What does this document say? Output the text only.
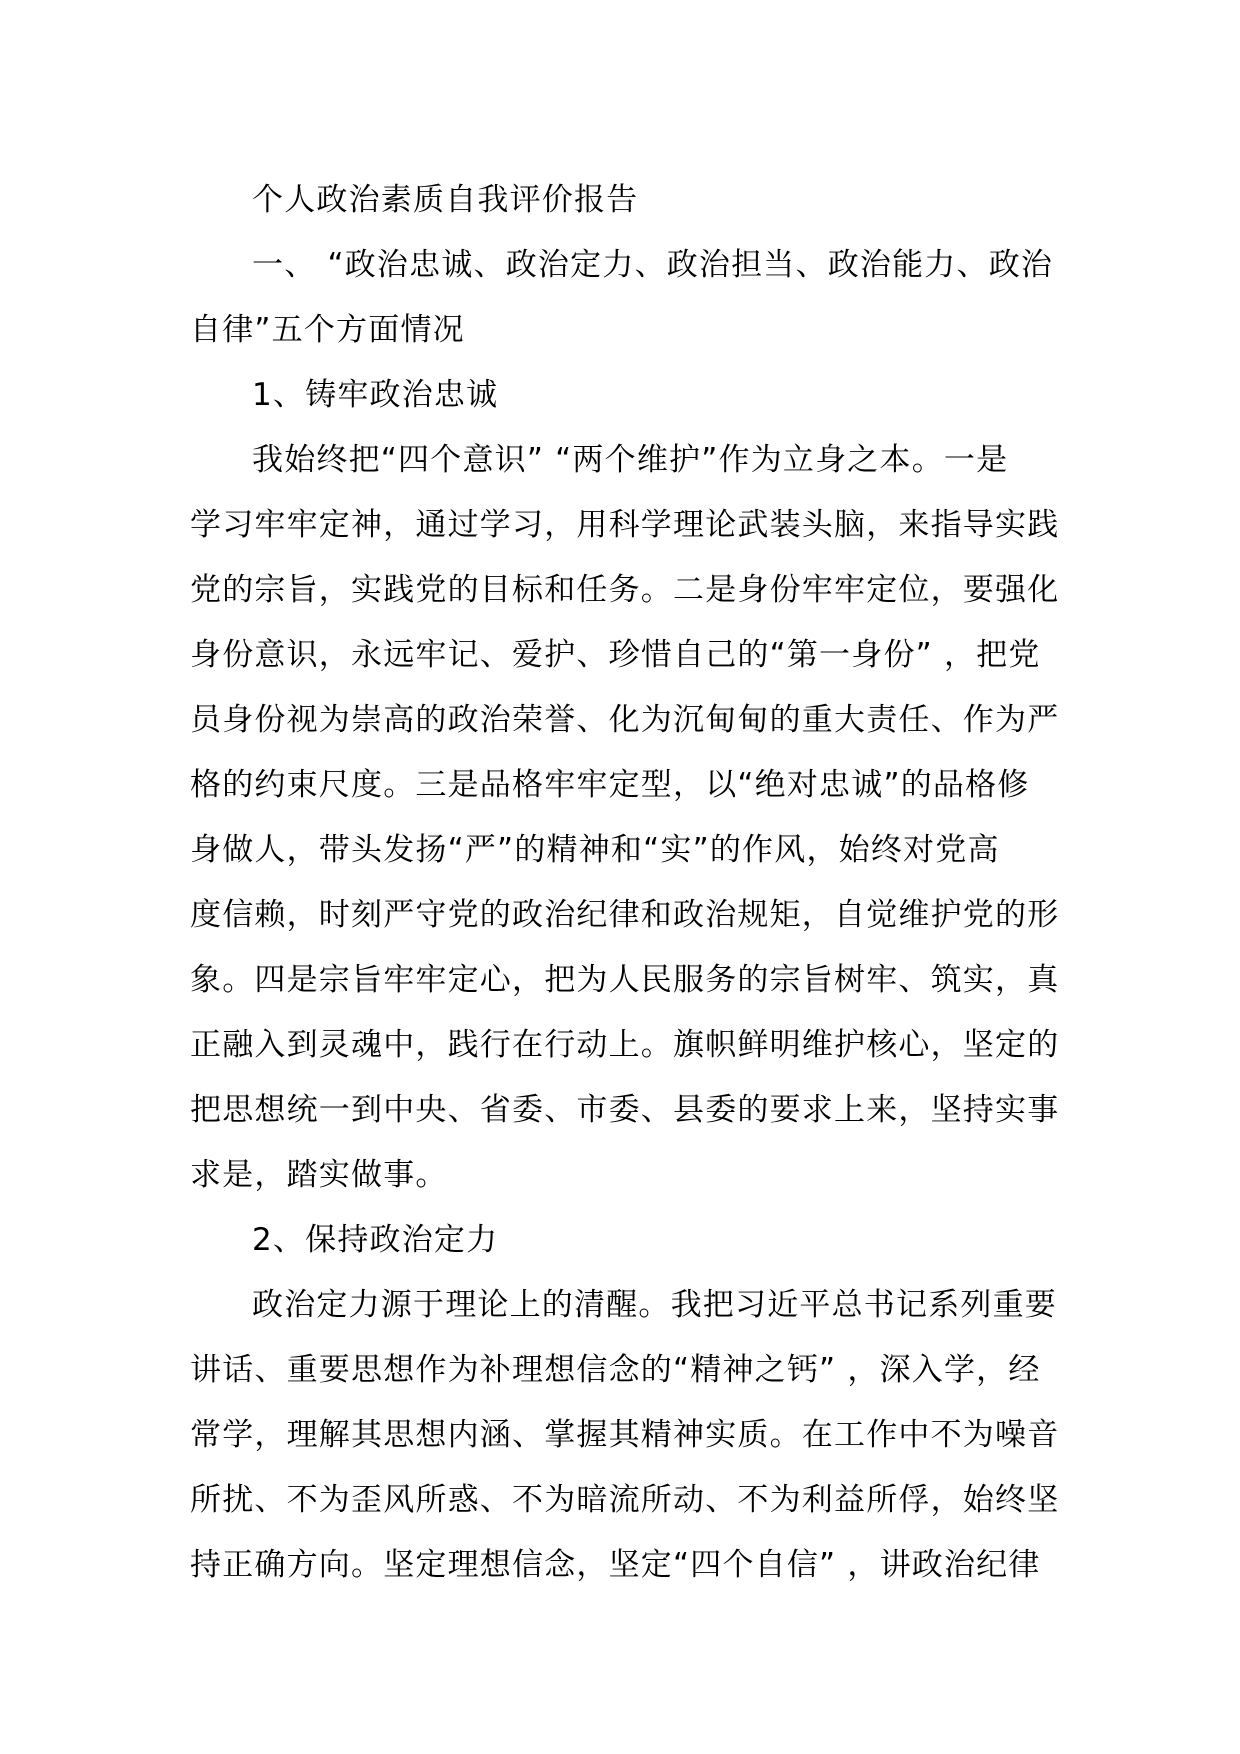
个人政治素质自我评价报告
一、 “政治忠诚、政治定力、政治担当、政治能力、政治
自律”五个方面情况
1、铸牢政治忠诚
我始终把“四个意识” “两个维护”作为立身之本。一是
学习牢牢定神，通过学习，用科学理论武装头脑，来指导实践
党的宗旨，实践党的目标和任务。二是身份牢牢定位，要强化
身份意识，永远牢记、爱护、珍惜自己的“第一身份” ，把党
员身份视为崇高的政治荣誉、化为沉甸甸的重大责任、作为严
格的约束尺度。三是品格牢牢定型，以“绝对忠诚”的品格修
身做人，带头发扬“严”的精神和“实”的作风，始终对党高
度信赖，时刻严守党的政治纪律和政治规矩，自觉维护党的形
象。四是宗旨牢牢定心，把为人民服务的宗旨树牢、筑实，真
正融入到灵魂中，践行在行动上。旗帜鲜明维护核心，坚定的
把思想统一到中央、省委、市委、县委的要求上来，坚持实事
求是，踏实做事。
2、保持政治定力
政治定力源于理论上的清醒。我把习近平总书记系列重要
讲话、重要思想作为补理想信念的“精神之钙” ，深入学，经
常学，理解其思想内涵、掌握其精神实质。在工作中不为噪音
所扰、不为歪风所惑、不为暗流所动、不为利益所俘，始终坚
持正确方向。坚定理想信念，坚定“四个自信” ，讲政治纪律
